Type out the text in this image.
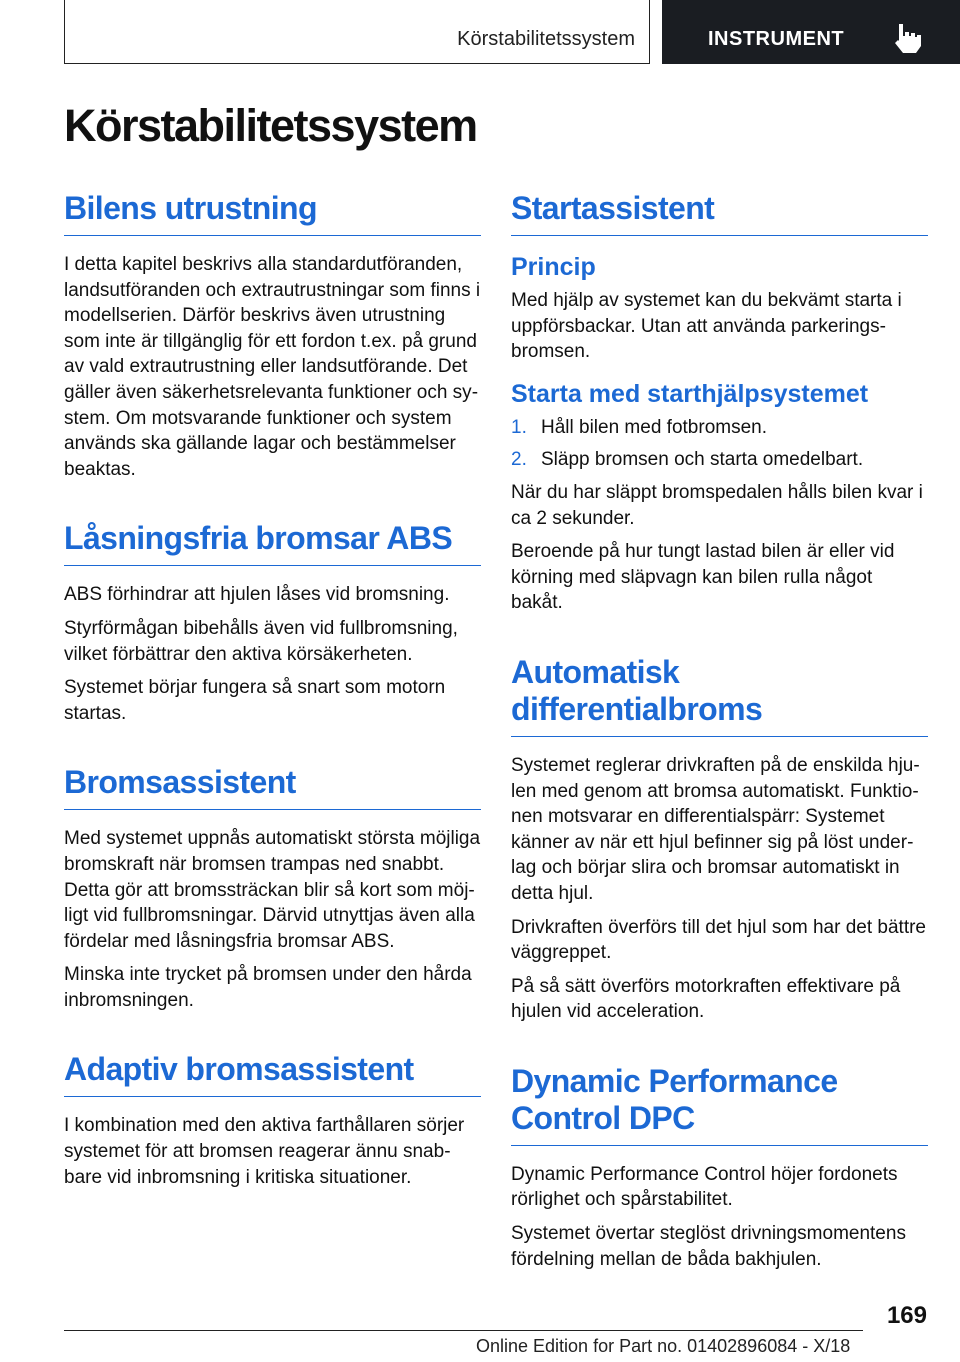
Körstabilitetssystem	INSTRUMENT
Körstabilitetssystem
Bilens utrustning

I detta kapitel beskrivs alla standardutföranden, landsutföranden och extrautrustningar som finns i modellserien. Därför beskrivs även utrustning som inte är tillgänglig för ett fordon t.ex. på grund av vald extrautrustning eller landsutförande. Det gäller även säkerhetsrelevanta funktioner och system. Om motsvarande funktioner och system används ska gällande lagar och bestämmelser beaktas.

Låsningsfria bromsar ABS

ABS förhindrar att hjulen låses vid bromsning.

Styrförmågan bibehålls även vid fullbromsning, vilket förbättrar den aktiva körsäkerheten.

Systemet börjar fungera så snart som motorn startas.

Bromsassistent

Med systemet uppnås automatiskt största möjliga bromskraft när bromsen trampas ned snabbt. Detta gör att bromssträckan blir så kort som möjligt vid fullbromsningar. Därvid utnyttjas även alla fördelar med låsningsfria bromsar ABS.

Minska inte trycket på bromsen under den hårda inbromsningen.

Adaptiv bromsassistent

I kombination med den aktiva farthållaren sörjer systemet för att bromsen reagerar ännu snabbare vid inbromsning i kritiska situationer.

Startassistent
Princip

Med hjälp av systemet kan du bekvämt starta i uppförsbackar. Utan att använda parkeringsbromsen.

Starta med starthjälpsystemet
1. Håll bilen med fotbromsen.
2. Släpp bromsen och starta omedelbart.

När du har släppt bromspedalen hålls bilen kvar i ca 2 sekunder.

Beroende på hur tungt lastad bilen är eller vid körning med släpvagn kan bilen rulla något bakåt.

Automatisk
differentialbroms

Systemet reglerar drivkraften på de enskilda hjulen med genom att bromsa automatiskt. Funktionen motsvarar en differentialspärr: Systemet känner av när ett hjul befinner sig på löst underlag och börjar slira och bromsar automatiskt in detta hjul.

Drivkraften överförs till det hjul som har det bättre väggreppet.

På så sätt överförs motorkraften effektivare på hjulen vid acceleration.

Dynamic Performance
Control DPC

Dynamic Performance Control höjer fordonets rörlighet och spårstabilitet.

Systemet övertar steglöst drivningsmomentens fördelning mellan de båda bakhjulen.

169
Online Edition for Part no. 01402896084 - X/18
